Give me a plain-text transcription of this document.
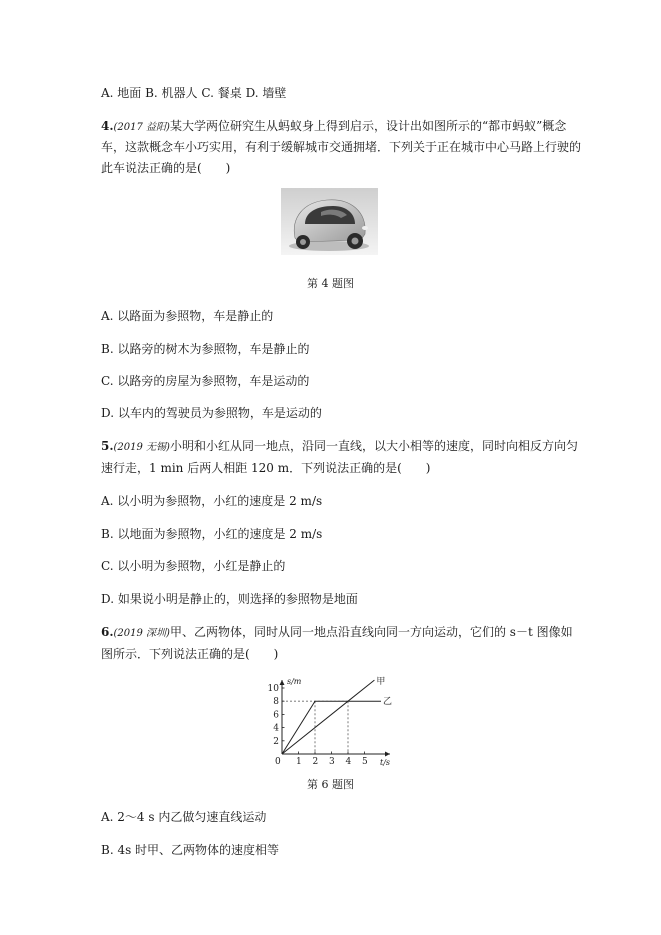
A. 地面 B. 机器人 C. 餐桌 D. 墙壁
4.(2017 益阳)某大学两位研究生从蚂蚁身上得到启示，设计出如图所示的“都市蚂蚁”概念
车，这款概念车小巧实用，有利于缓解城市交通拥堵．下列关于正在城市中心马路上行驶的
此车说法正确的是(　　)
第 4 题图
A. 以路面为参照物，车是静止的
B. 以路旁的树木为参照物，车是静止的
C. 以路旁的房屋为参照物，车是运动的
D. 以车内的驾驶员为参照物，车是运动的
5.(2019 无锡)小明和小红从同一地点，沿同一直线，以大小相等的速度，同时向相反方向匀
速行走，1 min 后两人相距 120 m．下列说法正确的是(　　)
A. 以小明为参照物，小红的速度是 2 m/s
B. 以地面为参照物，小红的速度是 2 m/s
C. 以小明为参照物，小红是静止的
D. 如果说小明是静止的，则选择的参照物是地面
6.(2019 深圳)甲、乙两物体，同时从同一地点沿直线向同一方向运动，它们的 s－t 图像如
图所示．下列说法正确的是(　　)
甲
乙
0 1 2 3 4 5
2
4
6
8
10
s/m
t/s
第 6 题图
A. 2～4 s 内乙做匀速直线运动
B. 4s 时甲、乙两物体的速度相等
